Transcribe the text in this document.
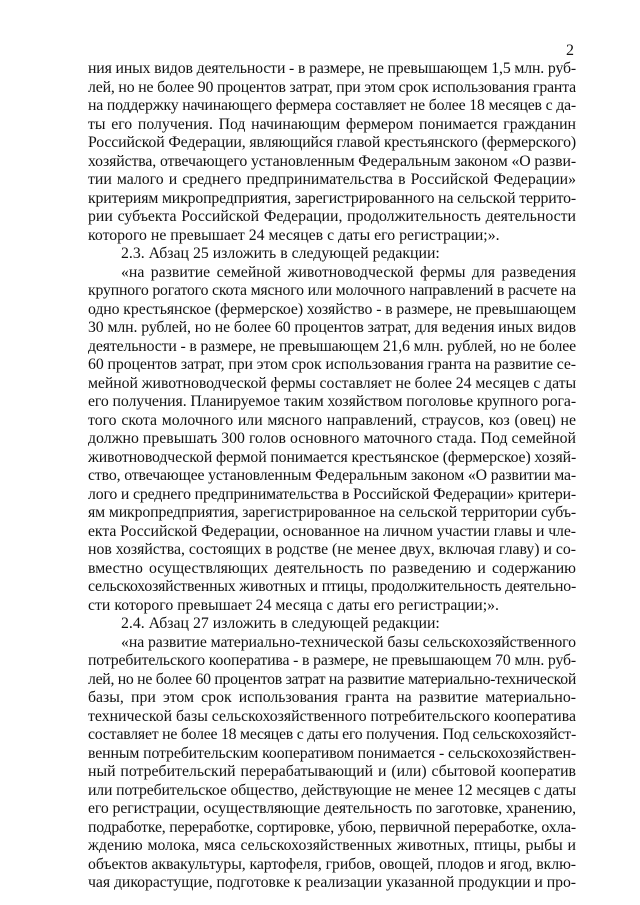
2
ния иных видов деятельности - в размере, не превышающем 1,5 млн. руб-
лей, но не более 90 процентов затрат, при этом срок использования гранта
на поддержку начинающего фермера составляет не более 18 месяцев с да-
ты его получения. Под начинающим фермером понимается гражданин
Российской Федерации, являющийся главой крестьянского (фермерского)
хозяйства, отвечающего установленным Федеральным законом «О разви-
тии малого и среднего предпринимательства в Российской Федерации»
критериям микропредприятия, зарегистрированного на сельской террито-
рии субъекта Российской Федерации, продолжительность деятельности
которого не превышает 24 месяцев с даты его регистрации;».
2.3. Абзац 25 изложить в следующей редакции:
«на развитие семейной животноводческой фермы для разведения
крупного рогатого скота мясного или молочного направлений в расчете на
одно крестьянское (фермерское) хозяйство - в размере, не превышающем
30 млн. рублей, но не более 60 процентов затрат, для ведения иных видов
деятельности - в размере, не превышающем 21,6 млн. рублей, но не более
60 процентов затрат, при этом срок использования гранта на развитие се-
мейной животноводческой фермы составляет не более 24 месяцев с даты
его получения. Планируемое таким хозяйством поголовье крупного рога-
того скота молочного или мясного направлений, страусов, коз (овец) не
должно превышать 300 голов основного маточного стада. Под семейной
животноводческой фермой понимается крестьянское (фермерское) хозяй-
ство, отвечающее установленным Федеральным законом «О развитии ма-
лого и среднего предпринимательства в Российской Федерации» критери-
ям микропредприятия, зарегистрированное на сельской территории субъ-
екта Российской Федерации, основанное на личном участии главы и чле-
нов хозяйства, состоящих в родстве (не менее двух, включая главу) и со-
вместно осуществляющих деятельность по разведению и содержанию
сельскохозяйственных животных и птицы, продолжительность деятельно-
сти которого превышает 24 месяца с даты его регистрации;».
2.4. Абзац 27 изложить в следующей редакции:
«на развитие материально-технической базы сельскохозяйственного
потребительского кооператива - в размере, не превышающем 70 млн. руб-
лей, но не более 60 процентов затрат на развитие материально-технической
базы, при этом срок использования гранта на развитие материально-
технической базы сельскохозяйственного потребительского кооператива
составляет не более 18 месяцев с даты его получения. Под сельскохозяйст-
венным потребительским кооперативом понимается - сельскохозяйствен-
ный потребительский перерабатывающий и (или) сбытовой кооператив
или потребительское общество, действующие не менее 12 месяцев с даты
его регистрации, осуществляющие деятельность по заготовке, хранению,
подработке, переработке, сортировке, убою, первичной переработке, охла-
ждению молока, мяса сельскохозяйственных животных, птицы, рыбы и
объектов аквакультуры, картофеля, грибов, овощей, плодов и ягод, вклю-
чая дикорастущие, подготовке к реализации указанной продукции и про-
